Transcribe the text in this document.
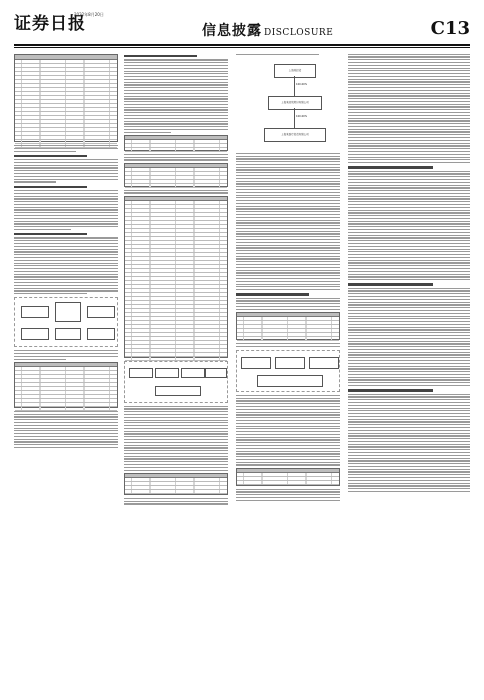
证券日报
2022年8月20日
信息披露 DISCLOSURE	C13
上海某投资
100.00%
上海某控股股份有限公司
100.00%
上海某医疗投资有限公司
